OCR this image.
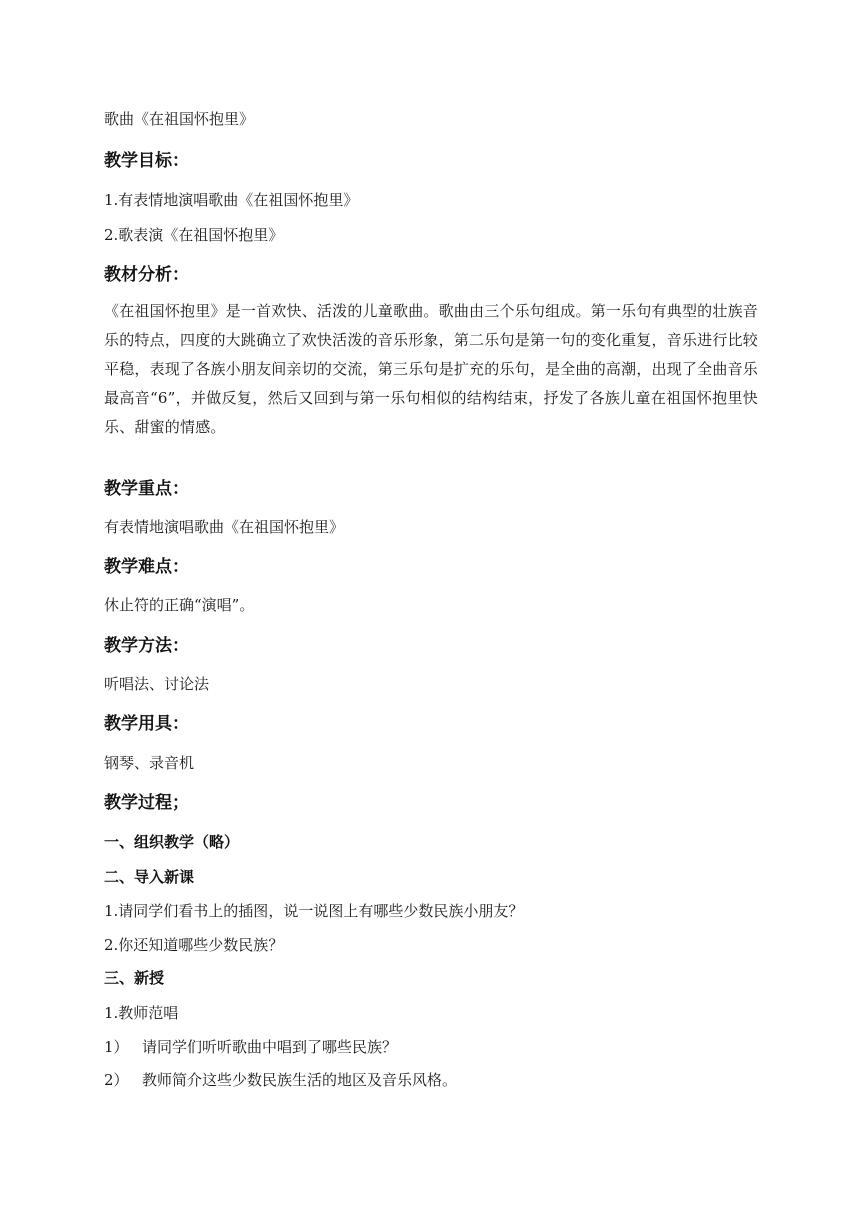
歌曲《在祖国怀抱里》
教学目标：
1.有表情地演唱歌曲《在祖国怀抱里》
2.歌表演《在祖国怀抱里》
教材分析：
《在祖国怀抱里》是一首欢快、活泼的儿童歌曲。歌曲由三个乐句组成。第一乐句有典型的壮族音乐的特点，四度的大跳确立了欢快活泼的音乐形象，第二乐句是第一句的变化重复，音乐进行比较平稳，表现了各族小朋友间亲切的交流，第三乐句是扩充的乐句，是全曲的高潮，出现了全曲音乐最高音“6”，并做反复，然后又回到与第一乐句相似的结构结束，抒发了各族儿童在祖国怀抱里快乐、甜蜜的情感。
教学重点：
有表情地演唱歌曲《在祖国怀抱里》
教学难点：
休止符的正确“演唱”。
教学方法：
听唱法、讨论法
教学用具：
钢琴、录音机
教学过程；
一、组织教学（略）
二、导入新课
1.请同学们看书上的插图，说一说图上有哪些少数民族小朋友？
2.你还知道哪些少数民族？
三、新授
1.教师范唱
1） 请同学们听听歌曲中唱到了哪些民族？
2） 教师简介这些少数民族生活的地区及音乐风格。
